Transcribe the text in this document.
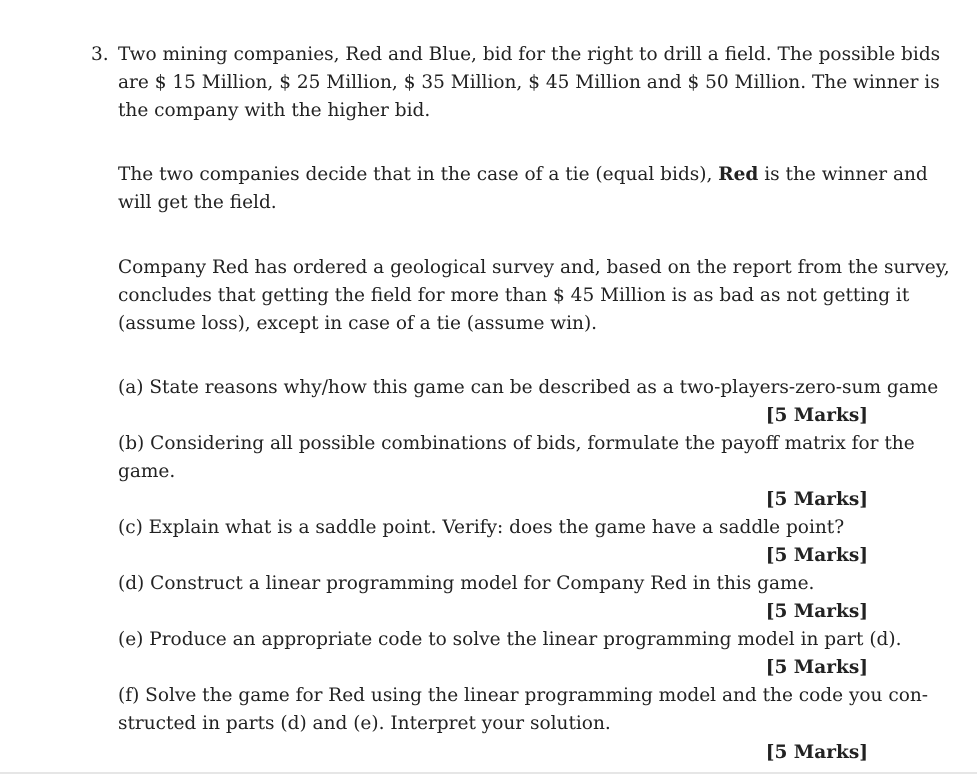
3. Two mining companies, Red and Blue, bid for the right to drill a field. The possible bids
are $ 15 Million, $ 25 Million, $ 35 Million, $ 45 Million and $ 50 Million. The winner is
the company with the higher bid.
The two companies decide that in the case of a tie (equal bids), Red is the winner and
will get the field.
Company Red has ordered a geological survey and, based on the report from the survey,
concludes that getting the field for more than $ 45 Million is as bad as not getting it
(assume loss), except in case of a tie (assume win).
(a) State reasons why/how this game can be described as a two-players-zero-sum game
[5 Marks]
(b) Considering all possible combinations of bids, formulate the payoff matrix for the
game.
[5 Marks]
(c) Explain what is a saddle point. Verify: does the game have a saddle point?
[5 Marks]
(d) Construct a linear programming model for Company Red in this game.
[5 Marks]
(e) Produce an appropriate code to solve the linear programming model in part (d).
[5 Marks]
(f) Solve the game for Red using the linear programming model and the code you con-
structed in parts (d) and (e). Interpret your solution.
[5 Marks]
